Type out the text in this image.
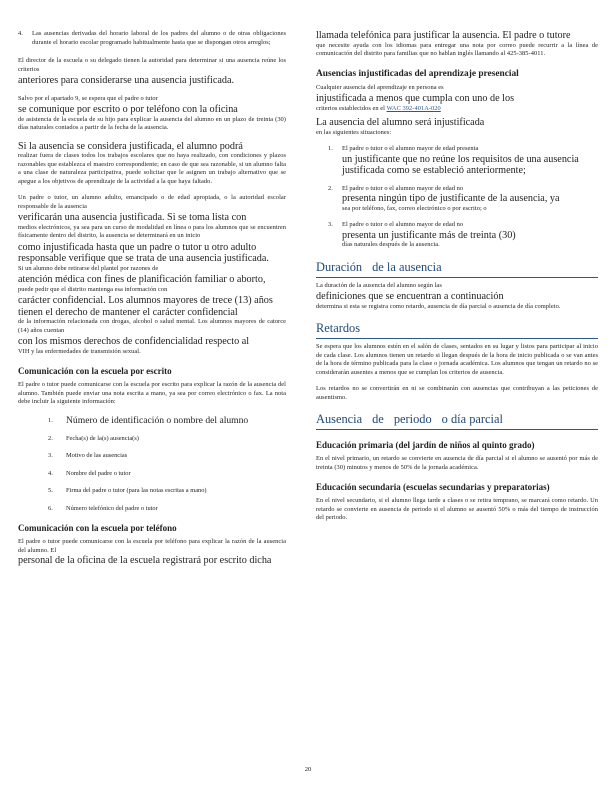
4.	Las ausencias derivadas del horario laboral de los padres del alumno o de otras obligaciones durante el horario escolar programado habitualmente hasta que se dispongan otros arreglos;

El director de la escuela o su delegado tienen la autoridad para determinar si una ausencia reúne los criterios

anteriores para considerarse una ausencia justificada.

Salvo por el apartado 9, se espera que el padre o tutor

se comunique por escrito o por teléfono con la oficina

de asistencia de la escuela de su hijo para explicar la ausencia del alumno en un plazo de treinta (30) días naturales contados a partir de la fecha de la ausencia.

Si la ausencia se considera justificada, el alumno podrá

realizar fuera de clases todos los trabajos escolares que no haya realizado, con condiciones y plazos razonables que establezca el maestro correspondiente; en caso de que sea razonable, si un alumno falta a una clase de naturaleza participativa, puede solicitar que le asignen un trabajo alternativo que se apegue a los objetivos de aprendizaje de la actividad a la que haya faltado.

Un padre o tutor, un alumno adulto, emancipado o de edad apropiada, o la autoridad escolar responsable de la ausencia

verificarán una ausencia justificada. Si se toma lista con

medios electrónicos, ya sea para un curso de modalidad en línea o para los alumnos que se encuentren físicamente dentro del distrito, la ausencia se determinará en un inicio

como injustificada hasta que un padre o tutor u otro adulto responsable verifique que se trata de una ausencia justificada.

Si un alumno debe retirarse del plantel por razones de

atención médica con fines de planificación familiar o aborto,

puede pedir que el distrito mantenga esa información con

carácter confidencial. Los alumnos mayores de trece (13) años tienen el derecho de mantener el carácter confidencial

de la información relacionada con drogas, alcohol o salud mental. Los alumnos mayores de catorce (14) años cuentan

con los mismos derechos de confidencialidad respecto al

VIH y las enfermedades de transmisión sexual.

Comunicación con la escuela por escrito

El padre o tutor puede comunicarse con la escuela por escrito para explicar la razón de la ausencia del alumno. También puede enviar una nota escrita a mano, ya sea por correo electrónico o fax. La nota debe incluir la siguiente información:

1.	Número de identificación o nombre del alumno
2.	Fecha(s) de la(s) ausencia(s)
3.	Motivo de las ausencias
4.	Nombre del padre o tutor
5.	Firma del padre o tutor (para las notas escritas a mano)
6.	Número telefónico del padre o tutor
Comunicación con la escuela por teléfono

El padre o tutor puede comunicarse con la escuela por teléfono para explicar la razón de la ausencia del alumno. El

personal de la oficina de la escuela registrará por escrito dicha

llamada telefónica para justificar la ausencia. El padre o tutore

que necesite ayuda con los idiomas para entregar una nota por correo puede recurrir a la línea de comunicación del distrito para familias que no hablan inglés llamando al 425-385-4011.

Ausencias injustificadas del aprendizaje presencial

Cualquier ausencia del aprendizaje en persona es

injustificada a menos que cumpla con uno de los

criterios establecidos en el WAC 392-401A-020

La ausencia del alumno será injustificada

en las siguientes situaciones:

1.	El padre o tutor o el alumno mayor de edad presenta

un justificante que no reúne los requisitos de una ausencia justificada como se estableció anteriormente;

2.	El padre o tutor o el alumno mayor de edad no

presenta ningún tipo de justificante de la ausencia, ya

sea por teléfono, fax, correo electrónico o por escrito; o

3.	El padre o tutor o el alumno mayor de edad no

presenta un justificante más de treinta (30)

días naturales después de la ausencia.

Duración de la ausencia

La duración de la ausencia del alumno según las

definiciones que se encuentran a continuación

determina si esta se registra como retardo, ausencia de día parcial o ausencia de día completo.

Retardos

Se espera que los alumnos estén en el salón de clases, sentados en su lugar y listos para participar al inicio de cada clase. Los alumnos tienen un retardo si llegan después de la hora de inicio publicada o se van antes de la hora de término publicada para la clase o jornada académica. Los alumnos que tengan un retardo no se considerarán ausentes a menos que se cumplan los criterios de ausencia.

Los retardos no se convertirán en ni se combinarán con ausencias que contribuyan a las peticiones de ausentismo.

Ausencia de periodo o día parcial
Educación primaria (del jardín de niños al quinto grado)

En el nivel primario, un retardo se convierte en ausencia de día parcial si el alumno se ausentó por más de treinta (30) minutos y menos de 50% de la jornada académica.

Educación secundaria (escuelas secundarias y preparatorias)

En el nivel secundario, si el alumno llega tarde a clases o se retira temprano, se marcará como retardo. Un retardo se convierte en ausencia de periodo si el alumno se ausentó 50% o más del tiempo de instrucción del periodo.

20
